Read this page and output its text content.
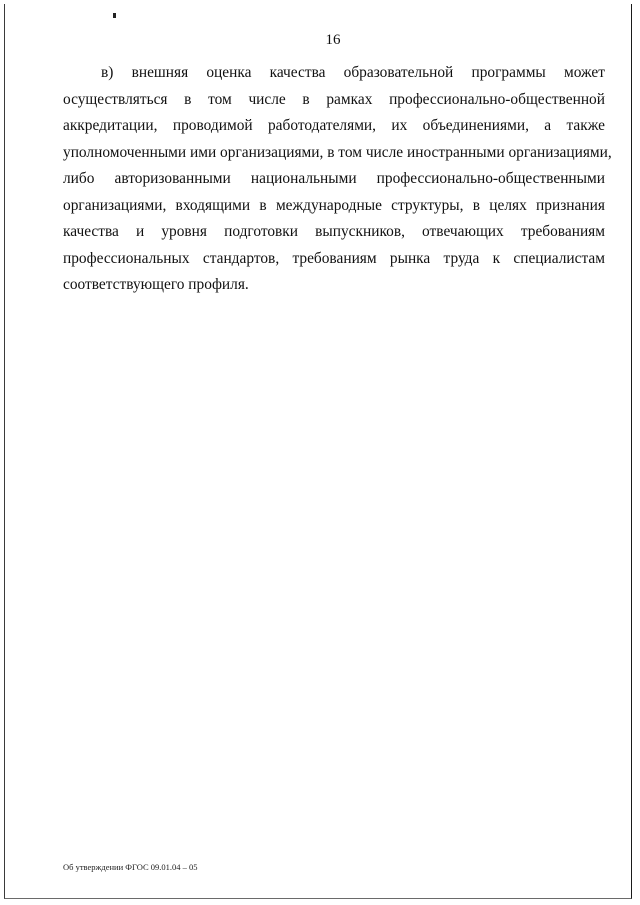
16
в) внешняя оценка качества образовательной программы может
осуществляться в том числе в рамках профессионально-общественной
аккредитации, проводимой работодателями, их объединениями, а также
уполномоченными ими организациями, в том числе иностранными организациями,
либо авторизованными национальными профессионально-общественными
организациями, входящими в международные структуры, в целях признания
качества и уровня подготовки выпускников, отвечающих требованиям
профессиональных стандартов, требованиям рынка труда к специалистам
соответствующего профиля.
Об утверждении ФГОС 09.01.04 – 05
